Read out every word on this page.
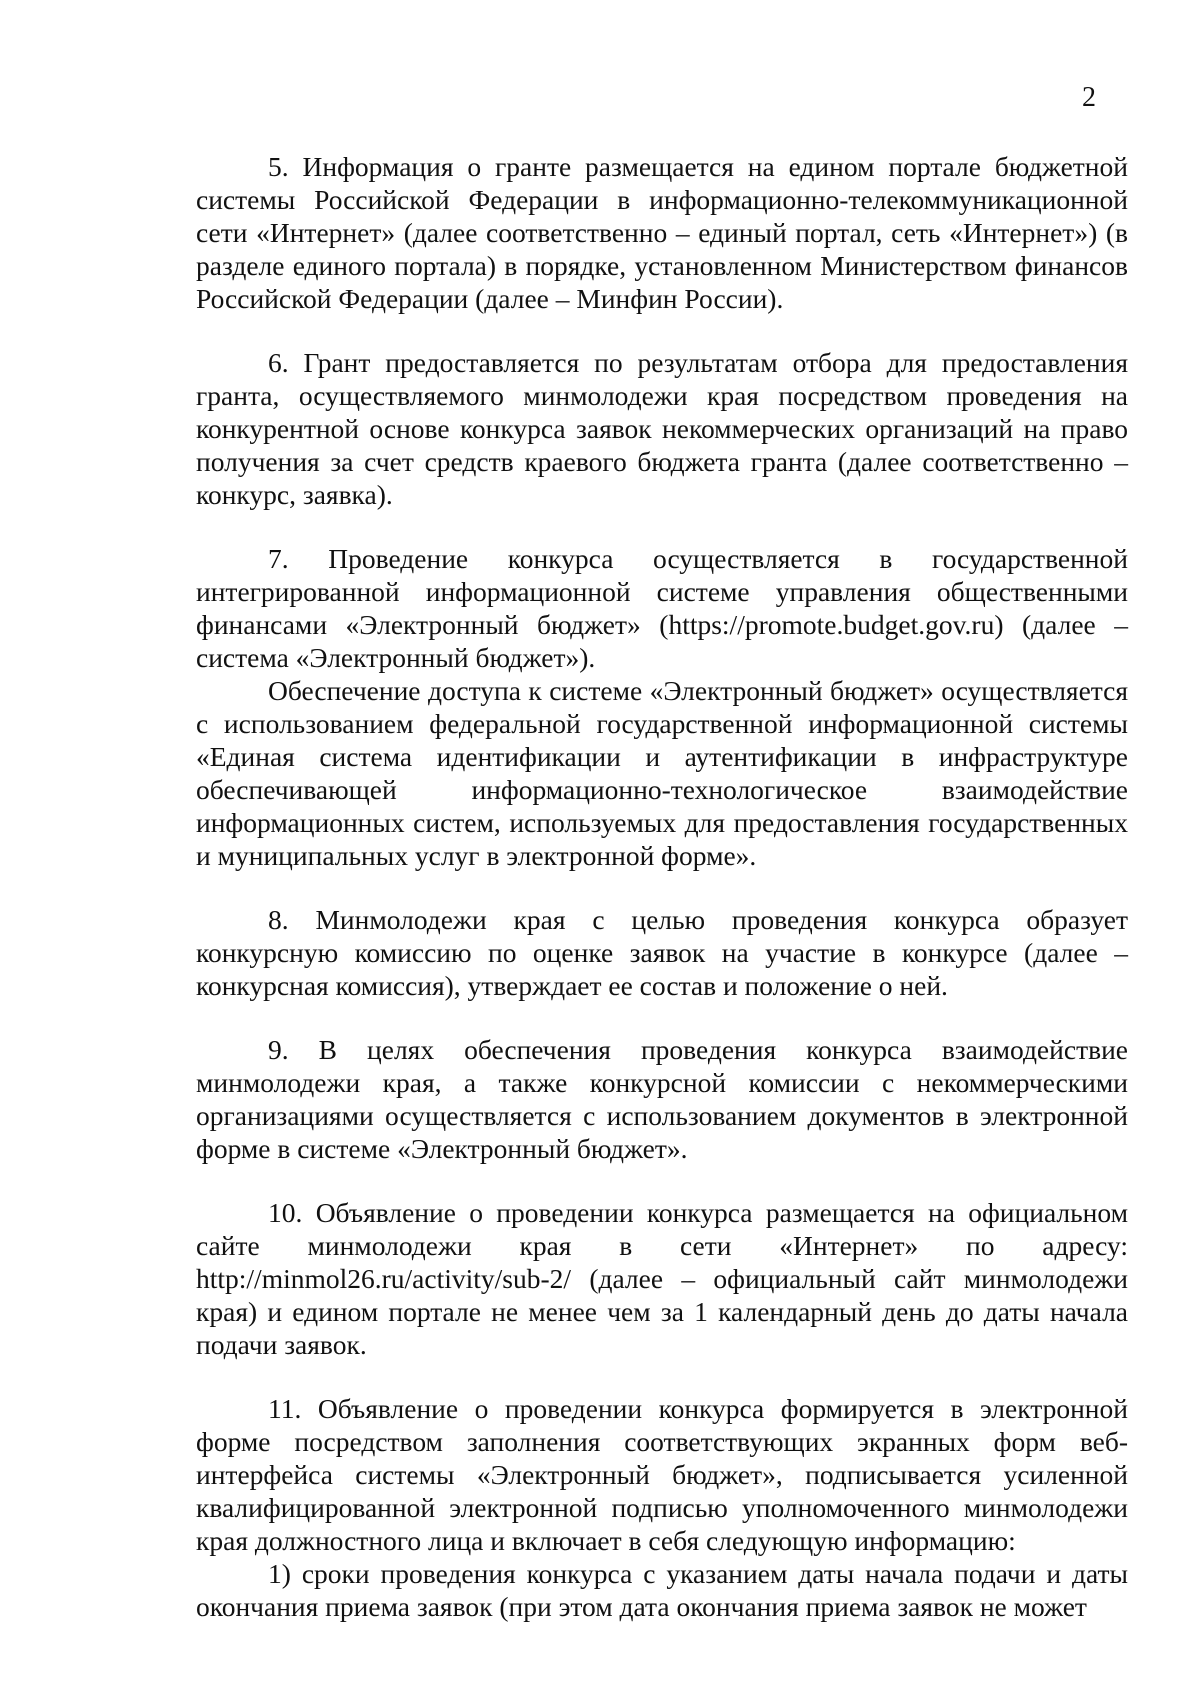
2

5. Информация о гранте размещается на едином портале бюджетной системы Российской Федерации в информационно-телекоммуникационной сети «Интернет» (далее соответственно – единый портал, сеть «Интернет») (в разделе единого портала) в порядке, установленном Министерством финансов Российской Федерации (далее – Минфин России).

6. Грант предоставляется по результатам отбора для предоставления гранта, осуществляемого минмолодежи края посредством проведения на конкурентной основе конкурса заявок некоммерческих организаций на право получения за счет средств краевого бюджета гранта (далее соответственно – конкурс, заявка).

7. Проведение конкурса осуществляется в государственной интегрированной информационной системе управления общественными финансами «Электронный бюджет» (https://promote.budget.gov.ru) (далее – система «Электронный бюджет»).

Обеспечение доступа к системе «Электронный бюджет» осуществляется с использованием федеральной государственной информационной системы «Единая система идентификации и аутентификации в инфраструктуре обеспечивающей информационно-технологическое взаимодействие информационных систем, используемых для предоставления государственных и муниципальных услуг в электронной форме».

8. Минмолодежи края с целью проведения конкурса образует конкурсную комиссию по оценке заявок на участие в конкурсе (далее – конкурсная комиссия), утверждает ее состав и положение о ней.

9. В целях обеспечения проведения конкурса взаимодействие минмолодежи края, а также конкурсной комиссии с некоммерческими организациями осуществляется с использованием документов в электронной форме в системе «Электронный бюджет».

10. Объявление о проведении конкурса размещается на официальном сайте минмолодежи края в сети «Интернет» по адресу: http://minmol26.ru/activity/sub-2/ (далее – официальный сайт минмолодежи края) и едином портале не менее чем за 1 календарный день до даты начала подачи заявок.

11. Объявление о проведении конкурса формируется в электронной форме посредством заполнения соответствующих экранных форм веб-интерфейса системы «Электронный бюджет», подписывается усиленной квалифицированной электронной подписью уполномоченного минмолодежи края должностного лица и включает в себя следующую информацию:

1) сроки проведения конкурса с указанием даты начала подачи и даты окончания приема заявок (при этом дата окончания приема заявок не может
